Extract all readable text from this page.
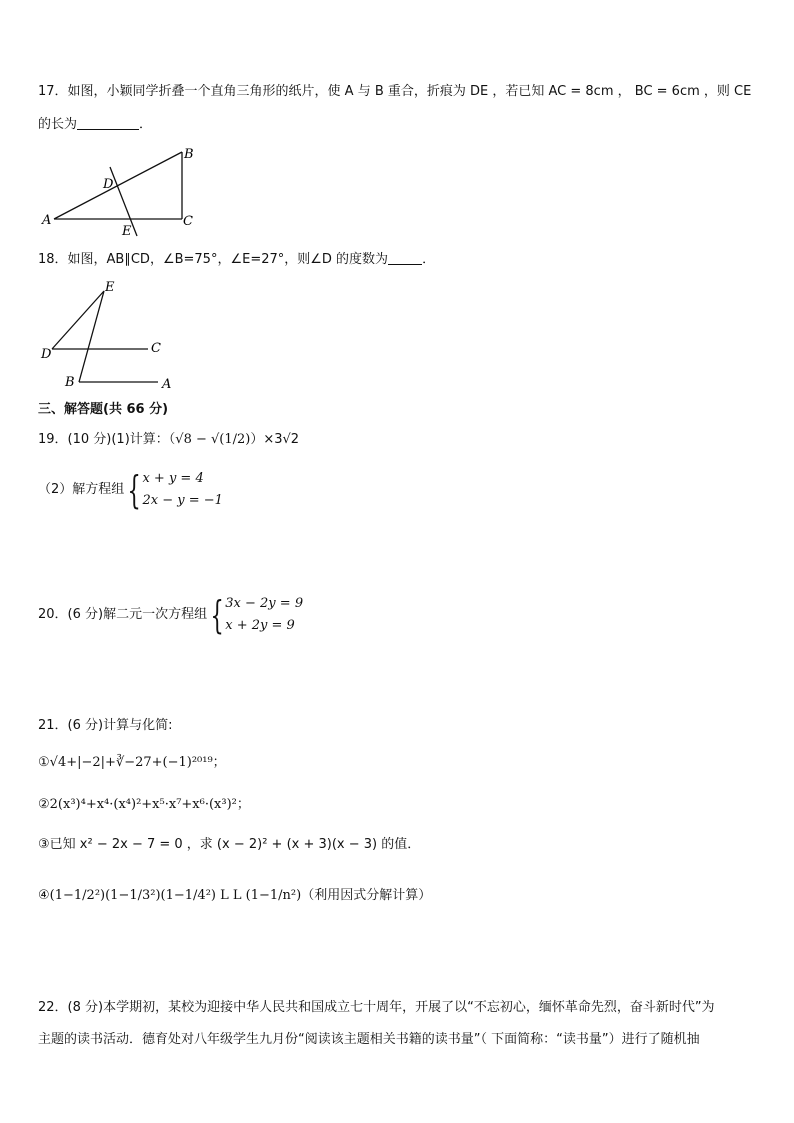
17．如图，小颖同学折叠一个直角三角形的纸片，使 A 与 B 重合，折痕为 DE ，若已知 AC = 8cm ， BC = 6cm ，则 CE
的长为	．
A
B
C
D
E
18．如图，AB∥CD，∠B=75°，∠E=27°，则∠D 的度数为	．
E
D	C
B	A
三、解答题(共 66 分)
19．(10 分)(1)计算：（√8 − √(1/2)）×3√2
（2）解方程组 { x + y = 4
2x − y = −1
20．(6 分)解二元一次方程组 { 3x − 2y = 9
x + 2y = 9
21．(6 分)计算与化简:
①√4+|−2|+∛−27+(−1)²⁰¹⁹；
②2(x³)⁴+x⁴·(x⁴)²+x⁵·x⁷+x⁶·(x³)²；
③已知 x² − 2x − 7 = 0 ，求 (x − 2)² + (x + 3)(x − 3) 的值．
④(1−1/2²)(1−1/3²)(1−1/4²) L L (1−1/n²)（利用因式分解计算）
22．(8 分)本学期初，某校为迎接中华人民共和国成立七十周年，开展了以“不忘初心，缅怀革命先烈，奋斗新时代”为
主题的读书活动．德育处对八年级学生九月份“阅读该主题相关书籍的读书量”（ 下面简称：“读书量”）进行了随机抽
